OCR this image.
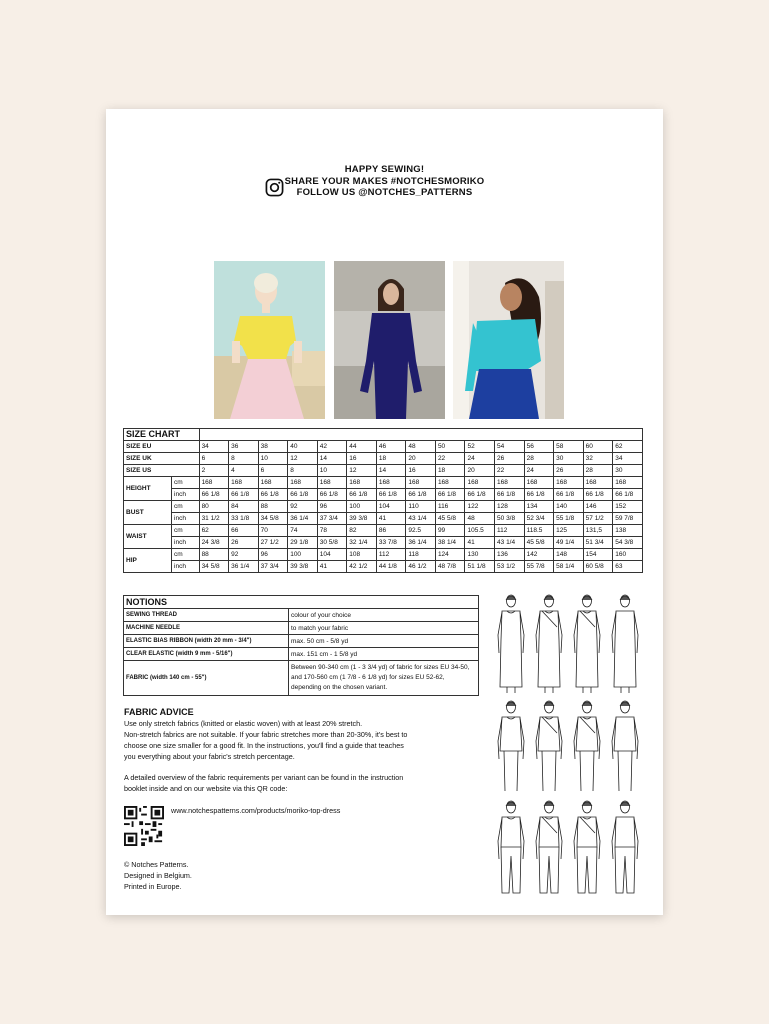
HAPPY SEWING!
SHARE YOUR MAKES #NOTCHESMORIKO
FOLLOW US @NOTCHES_PATTERNS
SIZE CHART																
SIZE EU		34	36	38	40	42	44	46	48	50	52	54	56	58	60	62
SIZE UK		6	8	10	12	14	16	18	20	22	24	26	28	30	32	34
SIZE US		2	4	6	8	10	12	14	16	18	20	22	24	26	28	30
HEIGHT	cm	168	168	168	168	168	168	168	168	168	168	168	168	168	168	168
	inch	66 1/8	66 1/8	66 1/8	66 1/8	66 1/8	66 1/8	66 1/8	66 1/8	66 1/8	66 1/8	66 1/8	66 1/8	66 1/8	66 1/8	66 1/8
BUST	cm	80	84	88	92	96	100	104	110	116	122	128	134	140	146	152
	inch	31 1/2	33 1/8	34 5/8	36 1/4	37 3/4	39 3/8	41	43 1/4	45 5/8	48	50 3/8	52 3/4	55 1/8	57 1/2	59 7/8
WAIST	cm	62	66	70	74	78	82	86	92.5	99	105.5	112	118.5	125	131,5	138
	inch	24 3/8	26	27 1/2	29 1/8	30 5/8	32 1/4	33 7/8	36 1/4	38 1/4	41	43 1/4	45 5/8	49 1/4	51 3/4	54 3/8
HIP	cm	88	92	96	100	104	108	112	118	124	130	136	142	148	154	160
	inch	34 5/8	36 1/4	37 3/4	39 3/8	41	42 1/2	44 1/8	46 1/2	48 7/8	51 1/8	53 1/2	55 7/8	58 1/4	60 5/8	63
NOTIONS	
SEWING THREAD	colour of your choice
MACHINE NEEDLE	to match your fabric
ELASTIC BIAS RIBBON (width 20 mm - 3/4")	max. 50 cm - 5/8 yd
CLEAR ELASTIC (width 9 mm - 5/16")	max. 151 cm - 1 5/8 yd
FABRIC (width 140 cm - 55")	Between 90-340 cm (1 - 3 3/4 yd) of fabric for sizes EU 34-50, and 170-560 cm (1 7/8 - 6 1/8 yd) for sizes EU 52-62, depending on the chosen variant.
FABRIC ADVICE

Use only stretch fabrics (knitted or elastic woven) with at least 20% stretch.

Non-stretch fabrics are not suitable. If your fabric stretches more than 20-30%, it's best to

choose one size smaller for a good fit. In the instructions, you'll find a guide that teaches

you everything about your fabric's stretch percentage.

A detailed overview of the fabric requirements per variant can be found in the instruction

booklet inside and on our website via this QR code:

www.notchespatterns.com/products/moriko-top-dress
© Notches Patterns.
Designed in Belgium.
Printed in Europe.
